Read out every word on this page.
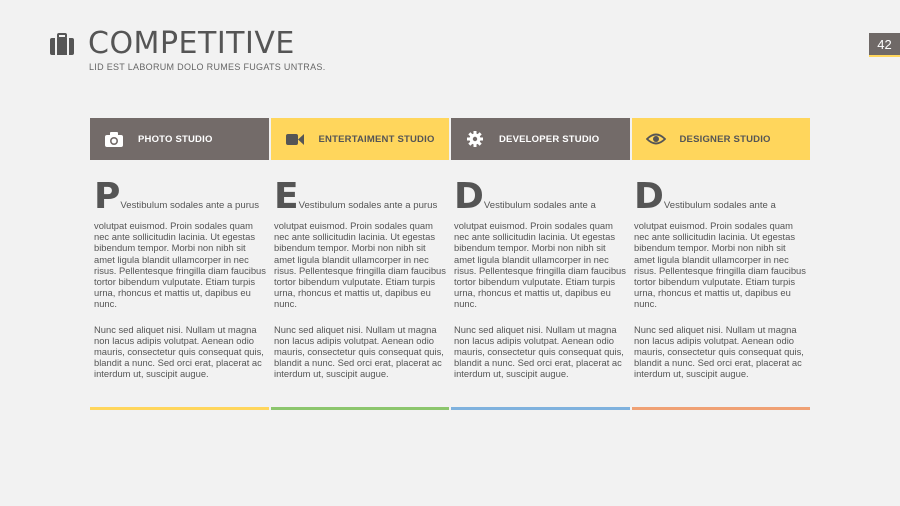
COMPETITIVE
LID EST LABORUM DOLO RUMES FUGATS UNTRAS.
42
PHOTO STUDIO	ENTERTAIMENT STUDIO	DEVELOPER STUDIO	DESIGNER STUDIO
P Vestibulum sodales ante a purus

volutpat euismod. Proin sodales quam nec ante sollicitudin lacinia. Ut egestas bibendum tempor. Morbi non nibh sit amet ligula blandit ullamcorper in nec risus. Pellentesque fringilla diam faucibus tortor bibendum vulputate. Etiam turpis urna, rhoncus et mattis ut, dapibus eu nunc.

Nunc sed aliquet nisi. Nullam ut magna non lacus adipis volutpat. Aenean odio mauris, consectetur quis consequat quis, blandit a nunc. Sed orci erat, placerat ac interdum ut, suscipit augue.

E Vestibulum sodales ante a purus

volutpat euismod. Proin sodales quam nec ante sollicitudin lacinia. Ut egestas bibendum tempor. Morbi non nibh sit amet ligula blandit ullamcorper in nec risus. Pellentesque fringilla diam faucibus tortor bibendum vulputate. Etiam turpis urna, rhoncus et mattis ut, dapibus eu nunc.

Nunc sed aliquet nisi. Nullam ut magna non lacus adipis volutpat. Aenean odio mauris, consectetur quis consequat quis, blandit a nunc. Sed orci erat, placerat ac interdum ut, suscipit augue.

D Vestibulum sodales ante a

volutpat euismod. Proin sodales quam nec ante sollicitudin lacinia. Ut egestas bibendum tempor. Morbi non nibh sit amet ligula blandit ullamcorper in nec risus. Pellentesque fringilla diam faucibus tortor bibendum vulputate. Etiam turpis urna, rhoncus et mattis ut, dapibus eu nunc.

Nunc sed aliquet nisi. Nullam ut magna non lacus adipis volutpat. Aenean odio mauris, consectetur quis consequat quis, blandit a nunc. Sed orci erat, placerat ac interdum ut, suscipit augue.

D Vestibulum sodales ante a

volutpat euismod. Proin sodales quam nec ante sollicitudin lacinia. Ut egestas bibendum tempor. Morbi non nibh sit amet ligula blandit ullamcorper in nec risus. Pellentesque fringilla diam faucibus tortor bibendum vulputate. Etiam turpis urna, rhoncus et mattis ut, dapibus eu nunc.

Nunc sed aliquet nisi. Nullam ut magna non lacus adipis volutpat. Aenean odio mauris, consectetur quis consequat quis, blandit a nunc. Sed orci erat, placerat ac interdum ut, suscipit augue.
